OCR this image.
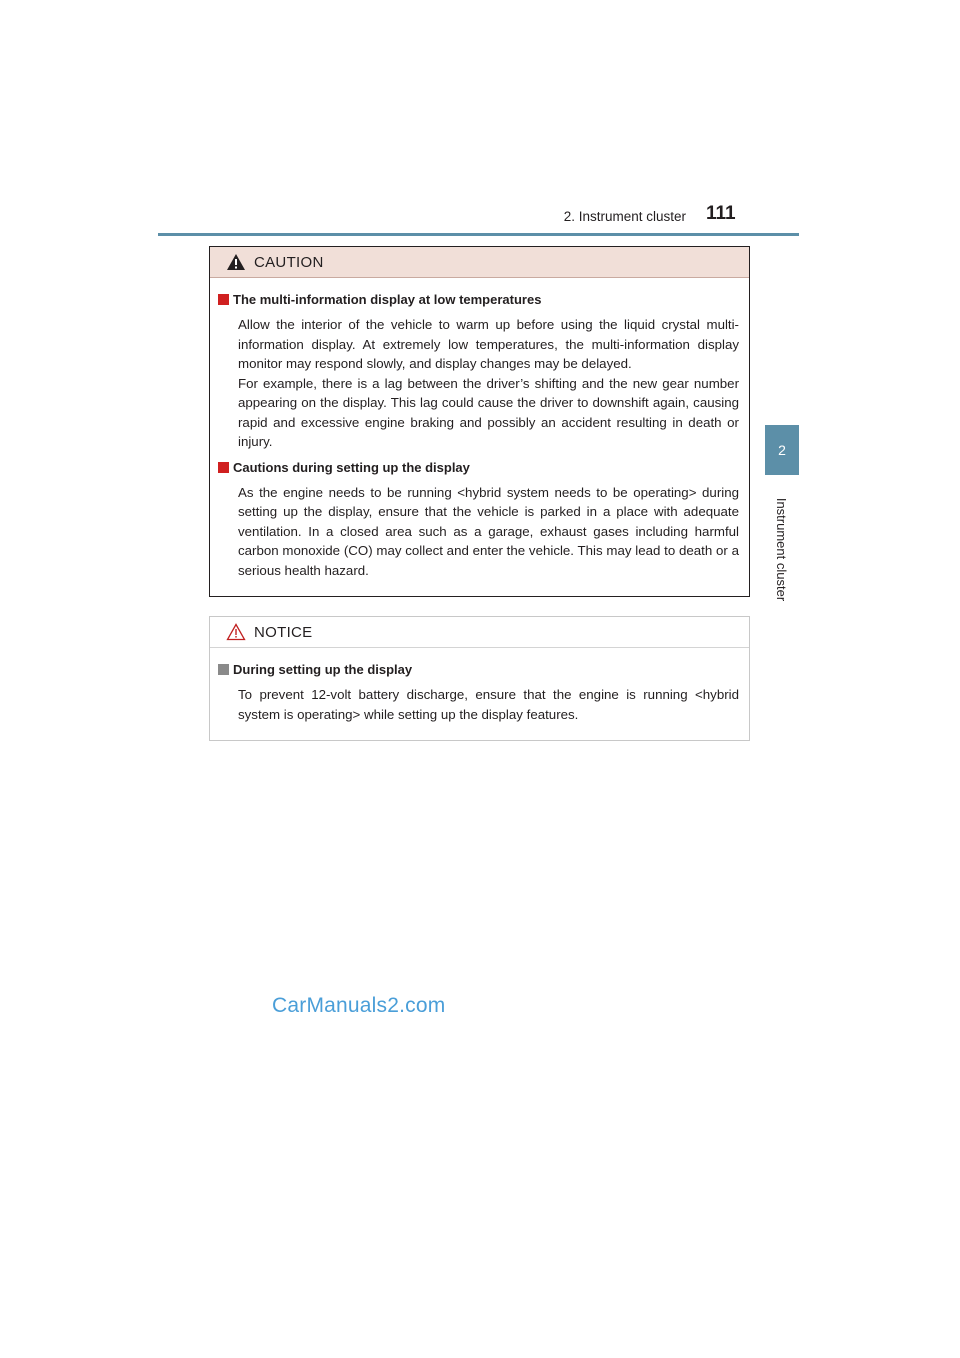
2. Instrument cluster 111
2
Instrument cluster
CAUTION
The multi-information display at low temperatures

Allow the interior of the vehicle to warm up before using the liquid crystal multi-information display. At extremely low temperatures, the multi-information display monitor may respond slowly, and display changes may be delayed.

For example, there is a lag between the driver’s shifting and the new gear number appearing on the display. This lag could cause the driver to downshift again, causing rapid and excessive engine braking and possibly an accident resulting in death or injury.

Cautions during setting up the display

As the engine needs to be running <hybrid system needs to be operating> during setting up the display, ensure that the vehicle is parked in a place with adequate ventilation. In a closed area such as a garage, exhaust gases including harmful carbon monoxide (CO) may collect and enter the vehicle. This may lead to death or a serious health hazard.

NOTICE
During setting up the display

To prevent 12-volt battery discharge, ensure that the engine is running <hybrid system is operating> while setting up the display features.

CarManuals2.com
